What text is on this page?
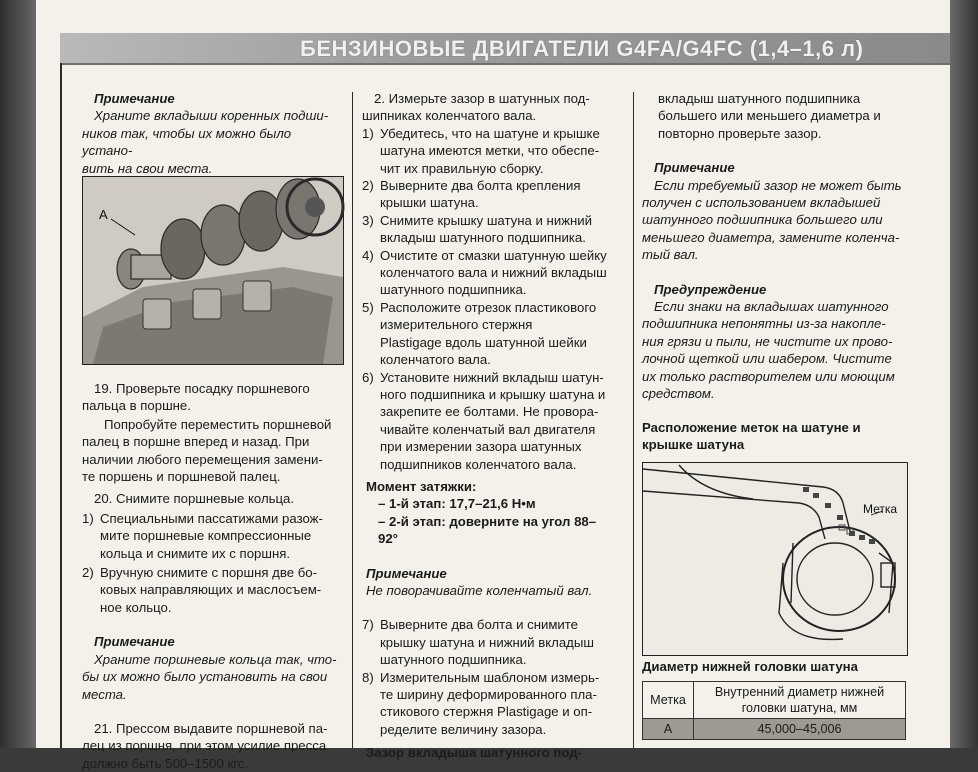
БЕНЗИНОВЫЕ ДВИГАТЕЛИ G4FA/G4FC (1,4–1,6 л)

Примечание

Храните вкладыши коренных подши-

ников так, чтобы их можно было устано-

вить на свои места.

А

19. Проверьте посадку поршневого

пальца в поршне.

Попробуйте переместить поршневой

палец в поршне вперед и назад. При

наличии любого перемещения замени-

те поршень и поршневой палец.

20. Снимите поршневые кольца.

1) Специальными пассатижами разож-
мите поршневые компрессионные
кольца и снимите их с поршня.
2) Вручную снимите с поршня две бо-
ковых направляющих и маслосъем-
ное кольцо.

Примечание

Храните поршневые кольца так, что-

бы их можно было установить на свои

места.

21. Прессом выдавите поршневой па-

лец из поршня, при этом усилие пресса

должно быть 500–1500 кгс.

2. Измерьте зазор в шатунных под-

шипниках коленчатого вала.

1) Убедитесь, что на шатуне и крышке
шатуна имеются метки, что обеспе-
чит их правильную сборку.
2) Выверните два болта крепления
крышки шатуна.
3) Снимите крышку шатуна и нижний
вкладыш шатунного подшипника.
4) Очистите от смазки шатунную шейку
коленчатого вала и нижний вкладыш
шатунного подшипника.
5) Расположите отрезок пластикового

измерительного стержня
Plastigage вдоль шатунной шейки
коленчатого вала.
6) Установите нижний вкладыш шатун-
ного подшипника и крышку шатуна и
закрепите ее болтами. Не проворa-
чивайте коленчатый вал двигателя
при измерении зазора шатунных
подшипников коленчатого вала.

Момент затяжки:

– 1-й этап: 17,7–21,6 Н•м

– 2-й этап: доверните на угол 88–

92°

Примечание

Не поворачивайте коленчатый вал.

7) Выверните два болта и снимите
крышку шатуна и нижний вкладыш
шатунного подшипника.
8) Измерительным шаблоном измерь-
те ширину деформированного пла-
стикового стержня Plastigage и оп-
ределите величину зазора.

Зазор вкладыша шатунного под-

вкладыш шатунного подшипника

большего или меньшего диаметра и

повторно проверьте зазор.

Примечание

Если требуемый зазор не может быть

получен с использованием вкладышей

шатунного подшипника большего или

меньшего диаметра, замените коленча-

тый вал.

Предупреждение

Если знаки на вкладышах шатунного

подшипника непонятны из-за накопле-

ния грязи и пыли, не чистите их прово-

лочной щеткой или шабером. Чистите

их только растворителем или моющим

средством.

Расположение меток на шатуне и

крышке шатуна

Метка

Диаметр нижней головки шатуна

Метка	Внутренний диаметр нижней головки шатуна, мм
А	45,000–45,006
